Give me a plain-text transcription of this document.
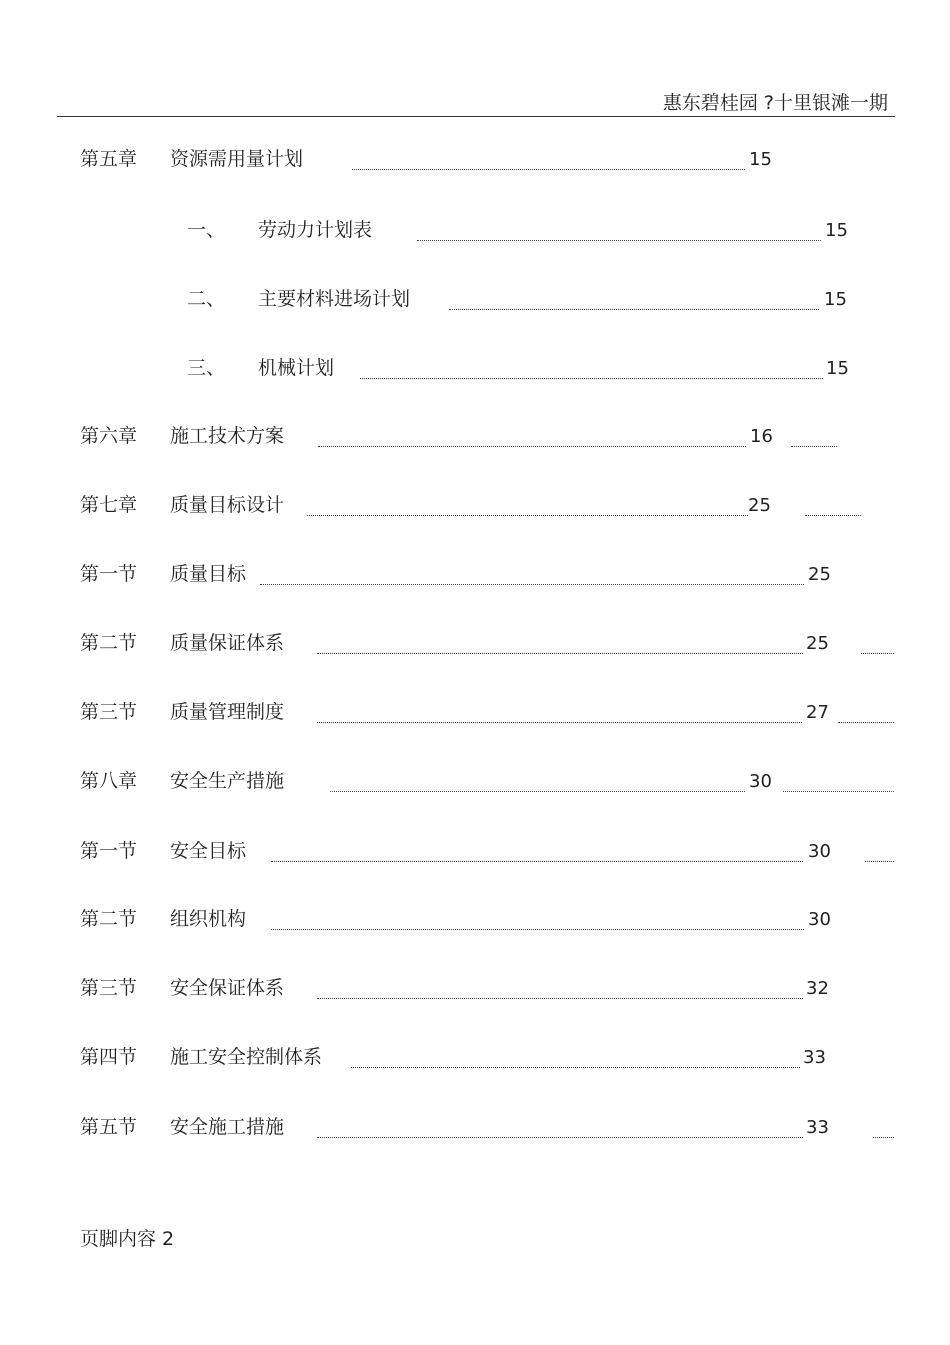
惠东碧桂园 ?十里银滩一期
第五章 资源需用量计划	15
一、 劳动力计划表	15
二、 主要材料进场计划	15
三、 机械计划	15
第六章 施工技术方案	16
第七章 质量目标设计	25
第一节 质量目标	25
第二节 质量保证体系	25
第三节 质量管理制度	27
第八章 安全生产措施	30
第一节 安全目标	30
第二节 组织机构	30
第三节 安全保证体系	32
第四节 施工安全控制体系	33
第五节 安全施工措施	33
页脚内容 2
